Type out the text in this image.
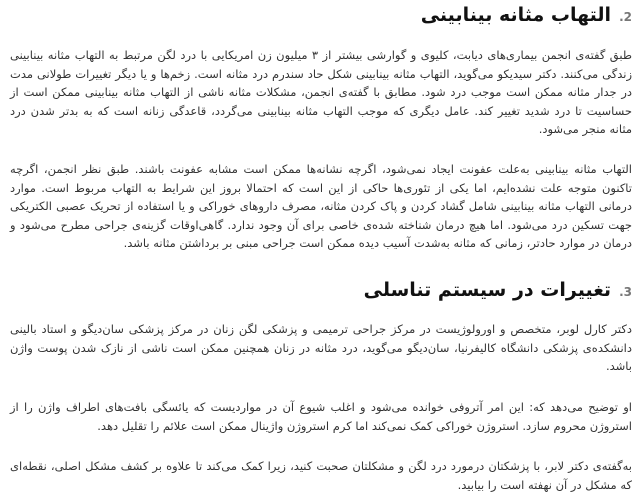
2.
التهاب مثانه بینابینی

طبق گفته‌ی انجمن بیماری‌های دیابت، کلیوی و گوارشی بیشتر از ۳ میلیون زن امریکایی با درد لگن مرتبط به التهاب مثانه بینابینی زندگی می‌کنند. دکتر سیدیکو می‌گوید، التهاب مثانه بینابینی شکل حاد سندرم درد مثانه است. زخم‌ها و یا دیگر تغییرات طولانی مدت در جدار مثانه ممکن است موجب درد شود. مطابق با گفته‌ی انجمن، مشکلات مثانه ناشی از التهاب مثانه بینابینی ممکن است از حساسیت تا درد شدید تغییر کند. عامل دیگری که موجب التهاب مثانه بینابینی می‌گردد، قاعدگی زنانه است که به بدتر شدن درد مثانه منجر می‌شود.

التهاب مثانه بینابینی به‌علت عفونت ایجاد نمی‌شود، اگرچه نشانه‌ها ممکن است مشابه عفونت باشند. طبق نظر انجمن، اگرچه تاکنون متوجه علت نشده‌ایم، اما یکی از تئوری‌ها حاکی از این است که احتمالا بروز این شرایط به التهاب مربوط است. موارد درمانی التهاب مثانه بینابینی شامل گشاد کردن و پاک کردن مثانه، مصرف داروهای خوراکی و یا استفاده از تحریک عصبی الکتریکی جهت تسکین درد می‌شود. اما هیچ درمان شناخته شده‌ی خاصی برای آن وجود ندارد. گاهی‌اوقات گزینه‌ی جراحی مطرح می‌شود و درمان در موارد حادتر، زمانی که مثانه به‌شدت آسیب دیده ممکن است جراحی مبنی بر برداشتن مثانه باشد.

3.
تغییرات در سیستم تناسلی

دکتر کارل لوبر، متخصص و اورولوژیست در مرکز جراحی ترمیمی و پزشکی لگن زنان در مرکز پزشکی سان‌دیگو و استاد بالینی دانشکده‌ی پزشکی دانشگاه کالیفرنیا، سان‌دیگو می‌گوید، درد مثانه در زنان همچنین ممکن است ناشی از نازک شدن پوست واژن باشد.

او توضیح می‌دهد که: این امر آتروفی خوانده می‌شود و اغلب شیوع آن در مواردیست که یائسگی بافت‌های اطراف واژن را از استروژن محروم سازد. استروژن خوراکی کمک نمی‌کند اما کرم استروژن واژینال ممکن است علائم را تقلیل دهد.

به‌گفته‌ی دکتر لابر، با پزشکتان درمورد درد لگن و مشکلتان صحبت کنید، زیرا کمک می‌کند تا علاوه بر کشف مشکل اصلی، نقطه‌ای که مشکل در آن نهفته است را بیابید.
